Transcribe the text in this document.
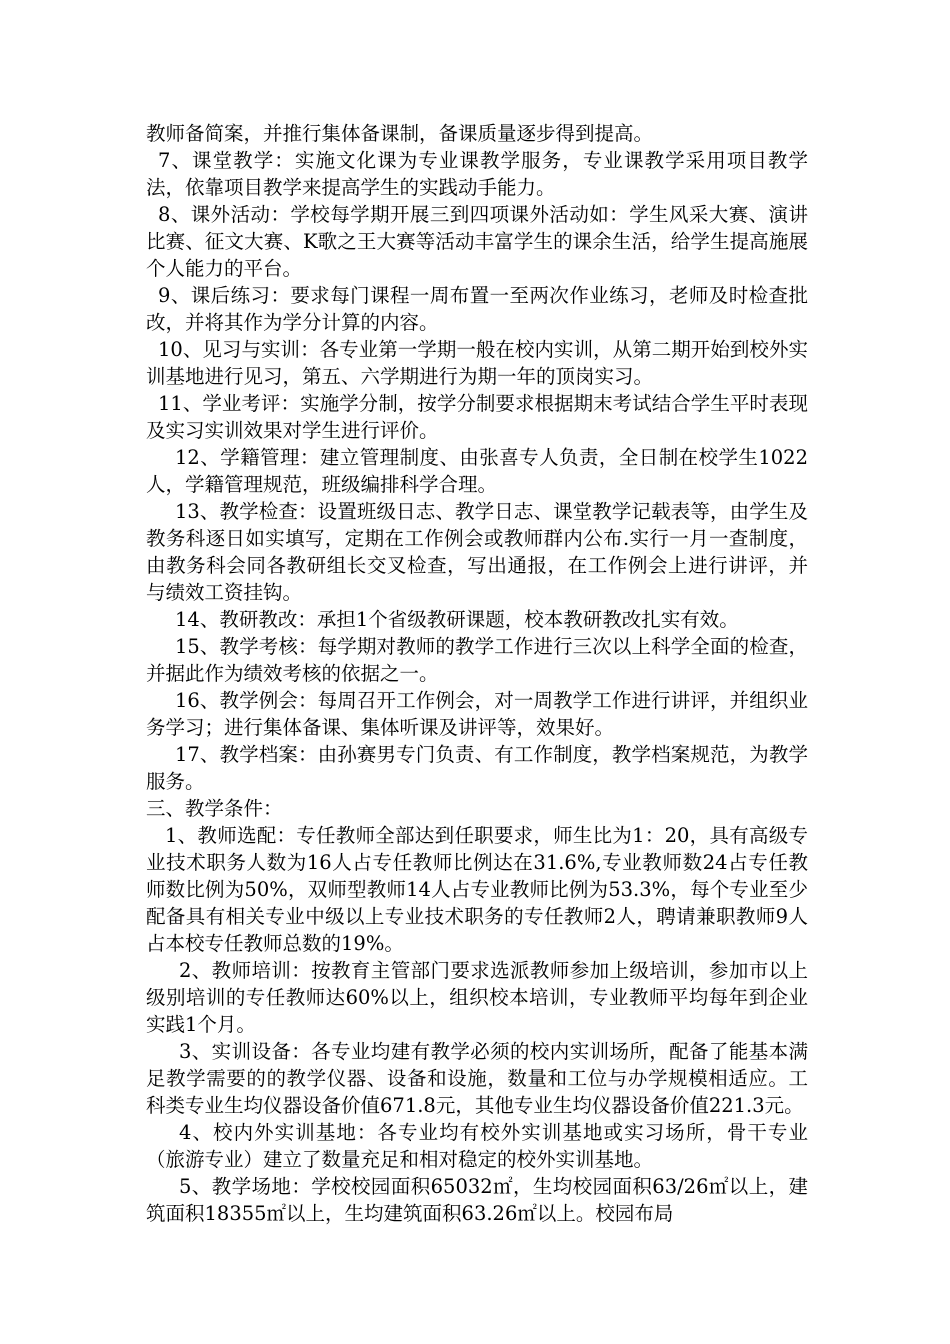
教师备简案，并推行集体备课制，备课质量逐步得到提高。

7、课堂教学：实施文化课为专业课教学服务，专业课教学采用项目教学法，依靠项目教学来提高学生的实践动手能力。

8、课外活动：学校每学期开展三到四项课外活动如：学生风采大赛、演讲比赛、征文大赛、K歌之王大赛等活动丰富学生的课余生活，给学生提高施展个人能力的平台。

9、课后练习：要求每门课程一周布置一至两次作业练习，老师及时检查批改，并将其作为学分计算的内容。

10、见习与实训：各专业第一学期一般在校内实训，从第二期开始到校外实训基地进行见习，第五、六学期进行为期一年的顶岗实习。

11、学业考评：实施学分制，按学分制要求根据期末考试结合学生平时表现及实习实训效果对学生进行评价。

12、学籍管理：建立管理制度、由张喜专人负责，全日制在校学生1022人，学籍管理规范，班级编排科学合理。

13、教学检查：设置班级日志、教学日志、课堂教学记载表等，由学生及教务科逐日如实填写，定期在工作例会或教师群内公布.实行一月一查制度，由教务科会同各教研组长交叉检查，写出通报，在工作例会上进行讲评，并与绩效工资挂钩。

14、教研教改：承担1个省级教研课题，校本教研教改扎实有效。

15、教学考核：每学期对教师的教学工作进行三次以上科学全面的检查，并据此作为绩效考核的依据之一。

16、教学例会：每周召开工作例会，对一周教学工作进行讲评，并组织业务学习；进行集体备课、集体听课及讲评等，效果好。

17、教学档案：由孙赛男专门负责、有工作制度，教学档案规范，为教学服务。

三、教学条件：

1、教师选配：专任教师全部达到任职要求，师生比为1：20，具有高级专业技术职务人数为16人占专任教师比例达在31.6%,专业教师数24占专任教师数比例为50%，双师型教师14人占专业教师比例为53.3%，每个专业至少配备具有相关专业中级以上专业技术职务的专任教师2人，聘请兼职教师9人占本校专任教师总数的19%。

2、教师培训：按教育主管部门要求选派教师参加上级培训，参加市以上级别培训的专任教师达60%以上，组织校本培训，专业教师平均每年到企业实践1个月。

3、实训设备：各专业均建有教学必须的校内实训场所，配备了能基本满足教学需要的的教学仪器、设备和设施，数量和工位与办学规模相适应。工科类专业生均仪器设备价值671.8元，其他专业生均仪器设备价值221.3元。

4、校内外实训基地：各专业均有校外实训基地或实习场所，骨干专业（旅游专业）建立了数量充足和相对稳定的校外实训基地。

5、教学场地：学校校园面积65032㎡，生均校园面积63/26㎡以上，建筑面积18355㎡以上，生均建筑面积63.26㎡以上。校园布局
